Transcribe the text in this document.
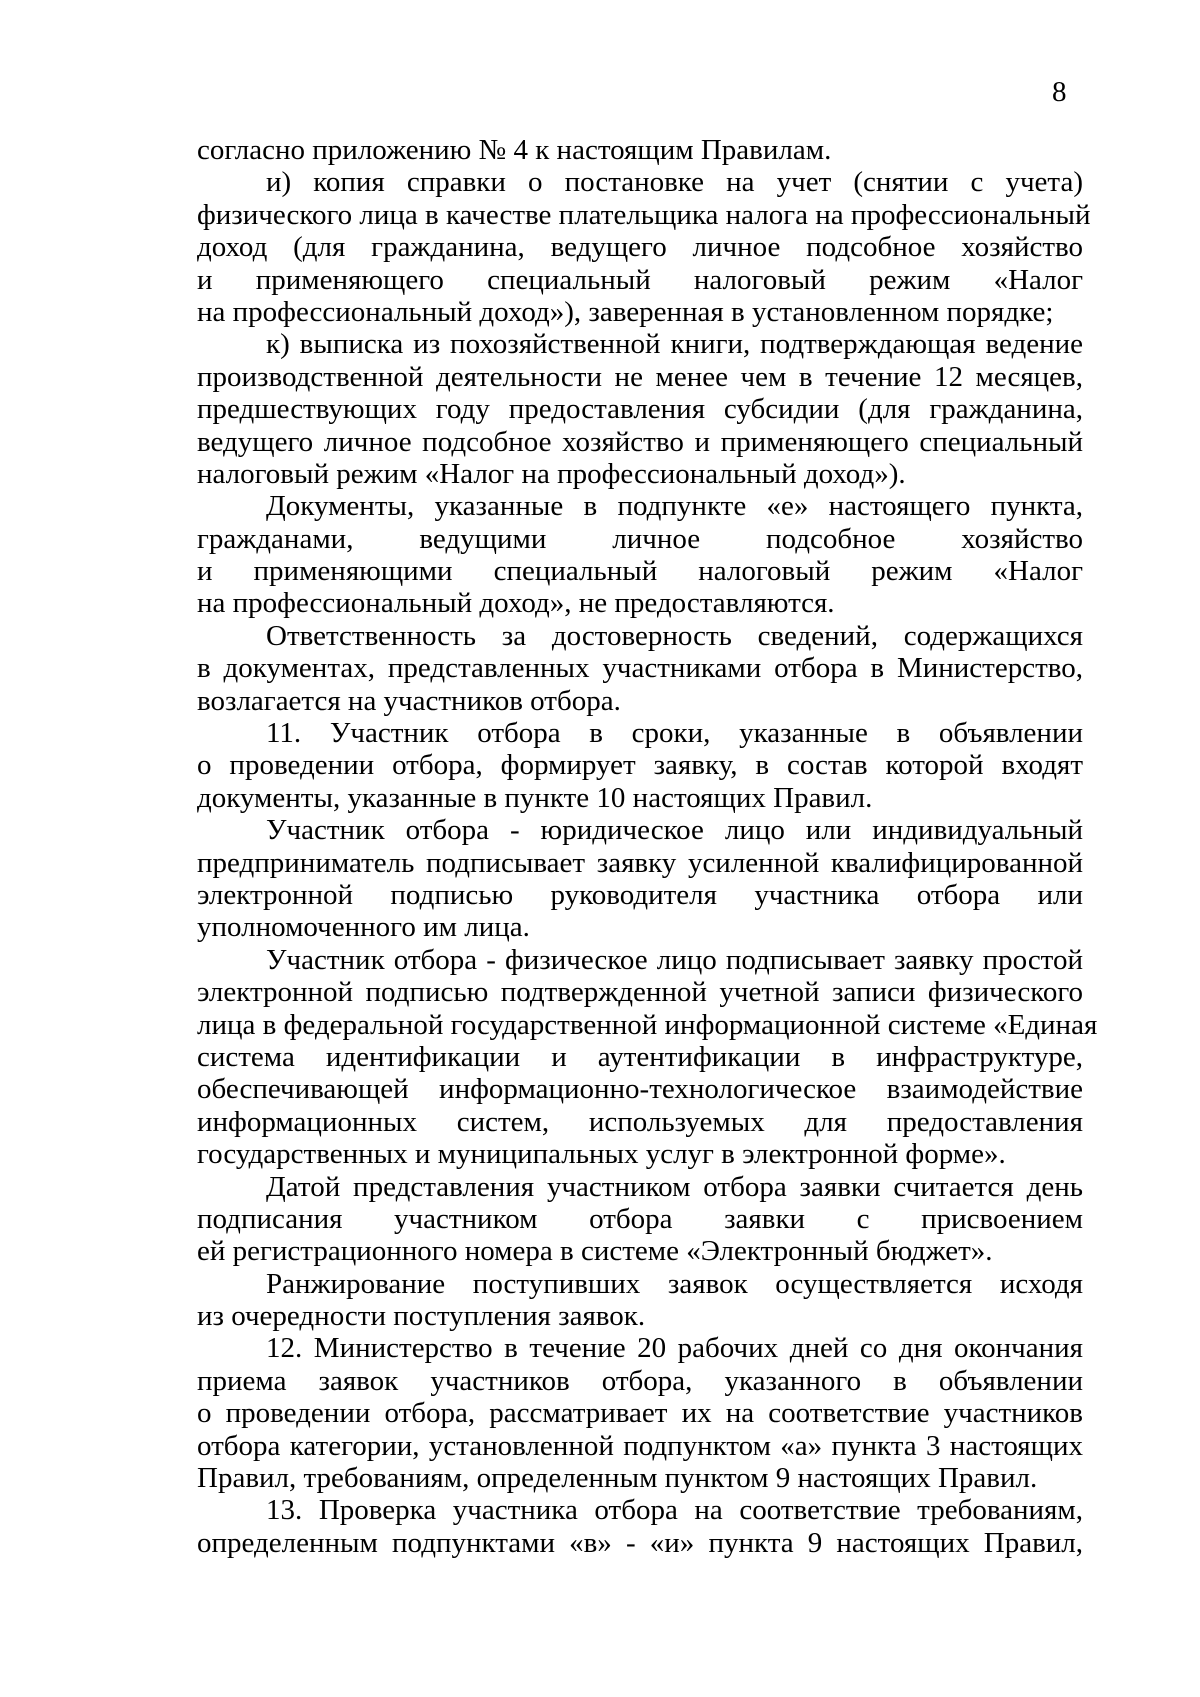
8
согласно приложению № 4 к настоящим Правилам.
и) копия справки о постановке на учет (снятии с учета)
физического лица в качестве плательщика налога на профессиональный
доход (для гражданина, ведущего личное подсобное хозяйство
и применяющего специальный налоговый режим «Налог
на профессиональный доход»), заверенная в установленном порядке;
к) выписка из похозяйственной книги, подтверждающая ведение
производственной деятельности не менее чем в течение 12 месяцев,
предшествующих году предоставления субсидии (для гражданина,
ведущего личное подсобное хозяйство и применяющего специальный
налоговый режим «Налог на профессиональный доход»).
Документы, указанные в подпункте «е» настоящего пункта,
гражданами, ведущими личное подсобное хозяйство
и применяющими специальный налоговый режим «Налог
на профессиональный доход», не предоставляются.
Ответственность за достоверность сведений, содержащихся
в документах, представленных участниками отбора в Министерство,
возлагается на участников отбора.
11. Участник отбора в сроки, указанные в объявлении
о проведении отбора, формирует заявку, в состав которой входят
документы, указанные в пункте 10 настоящих Правил.
Участник отбора - юридическое лицо или индивидуальный
предприниматель подписывает заявку усиленной квалифицированной
электронной подписью руководителя участника отбора или
уполномоченного им лица.
Участник отбора - физическое лицо подписывает заявку простой
электронной подписью подтвержденной учетной записи физического
лица в федеральной государственной информационной системе «Единая
система идентификации и аутентификации в инфраструктуре,
обеспечивающей информационно-технологическое взаимодействие
информационных систем, используемых для предоставления
государственных и муниципальных услуг в электронной форме».
Датой представления участником отбора заявки считается день
подписания участником отбора заявки с присвоением
ей регистрационного номера в системе «Электронный бюджет».
Ранжирование поступивших заявок осуществляется исходя
из очередности поступления заявок.
12. Министерство в течение 20 рабочих дней со дня окончания
приема заявок участников отбора, указанного в объявлении
о проведении отбора, рассматривает их на соответствие участников
отбора категории, установленной подпунктом «а» пункта 3 настоящих
Правил, требованиям, определенным пунктом 9 настоящих Правил.
13. Проверка участника отбора на соответствие требованиям,
определенным подпунктами «в» - «и» пункта 9 настоящих Правил,
